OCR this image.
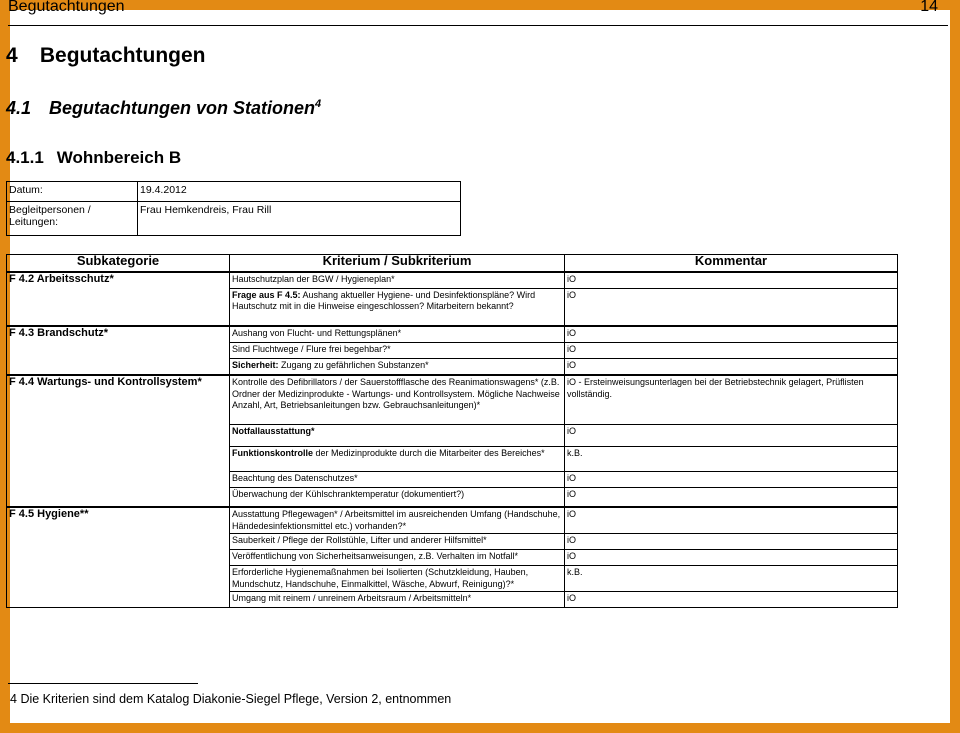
Begutachtungen	14
4 Begutachtungen
4.1 Begutachtungen von Stationen$^4$
4.1.1 Wohnbereich B
Datum:	19.4.2012
Begleitpersonen / Leitungen:	Frau Hemkendreis, Frau Rill
Subkategorie	Kriterium / Subkriterium	Kommentar
F 4.2 Arbeitsschutz*	Hautschutzplan der BGW / Hygieneplan*	iO
	Frage aus F 4.5: Aushang aktueller Hygiene- und Desinfektionspläne? Wird Hautschutz mit in die Hinweise eingeschlossen? Mitarbeitern bekannt?	iO
F 4.3 Brandschutz*	Aushang von Flucht- und Rettungsplänen*	iO
	Sind Fluchtwege / Flure frei begehbar?*	iO
	Sicherheit: Zugang zu gefährlichen Substanzen*	iO
F 4.4 Wartungs- und Kontrollsystem*	Kontrolle des Defibrillators / der Sauerstoffflasche des Reanimationswagens* (z.B. Ordner der Medizinprodukte - Wartungs- und Kontrollsystem. Mögliche Nachweise Anzahl, Art, Betriebsanleitungen bzw. Gebrauchsanleitungen)*	iO - Ersteinweisungsunterlagen bei der Betriebstechnik gelagert, Prüflisten vollständig.
	Notfallausstattung*	iO
	Funktionskontrolle der Medizinprodukte durch die Mitarbeiter des Bereiches*	k.B.
	Beachtung des Datenschutzes*	iO
	Überwachung der Kühlschranktemperatur (dokumentiert?)	iO
F 4.5 Hygiene**	Ausstattung Pflegewagen* / Arbeitsmittel im ausreichenden Umfang (Handschuhe, Händedesinfektionsmittel etc.) vorhanden?*	iO
	Sauberkeit / Pflege der Rollstühle, Lifter und anderer Hilfsmittel*	iO
	Veröffentlichung von Sicherheitsanweisungen, z.B. Verhalten im Notfall*	iO
	Erforderliche Hygienemaßnahmen bei Isolierten (Schutzkleidung, Hauben, Mundschutz, Handschuhe, Einmalkittel, Wäsche, Abwurf, Reinigung)?*	k.B.
	Umgang mit reinem / unreinem Arbeitsraum / Arbeitsmitteln*	iO
4 Die Kriterien sind dem Katalog Diakonie-Siegel Pflege, Version 2, entnommen
